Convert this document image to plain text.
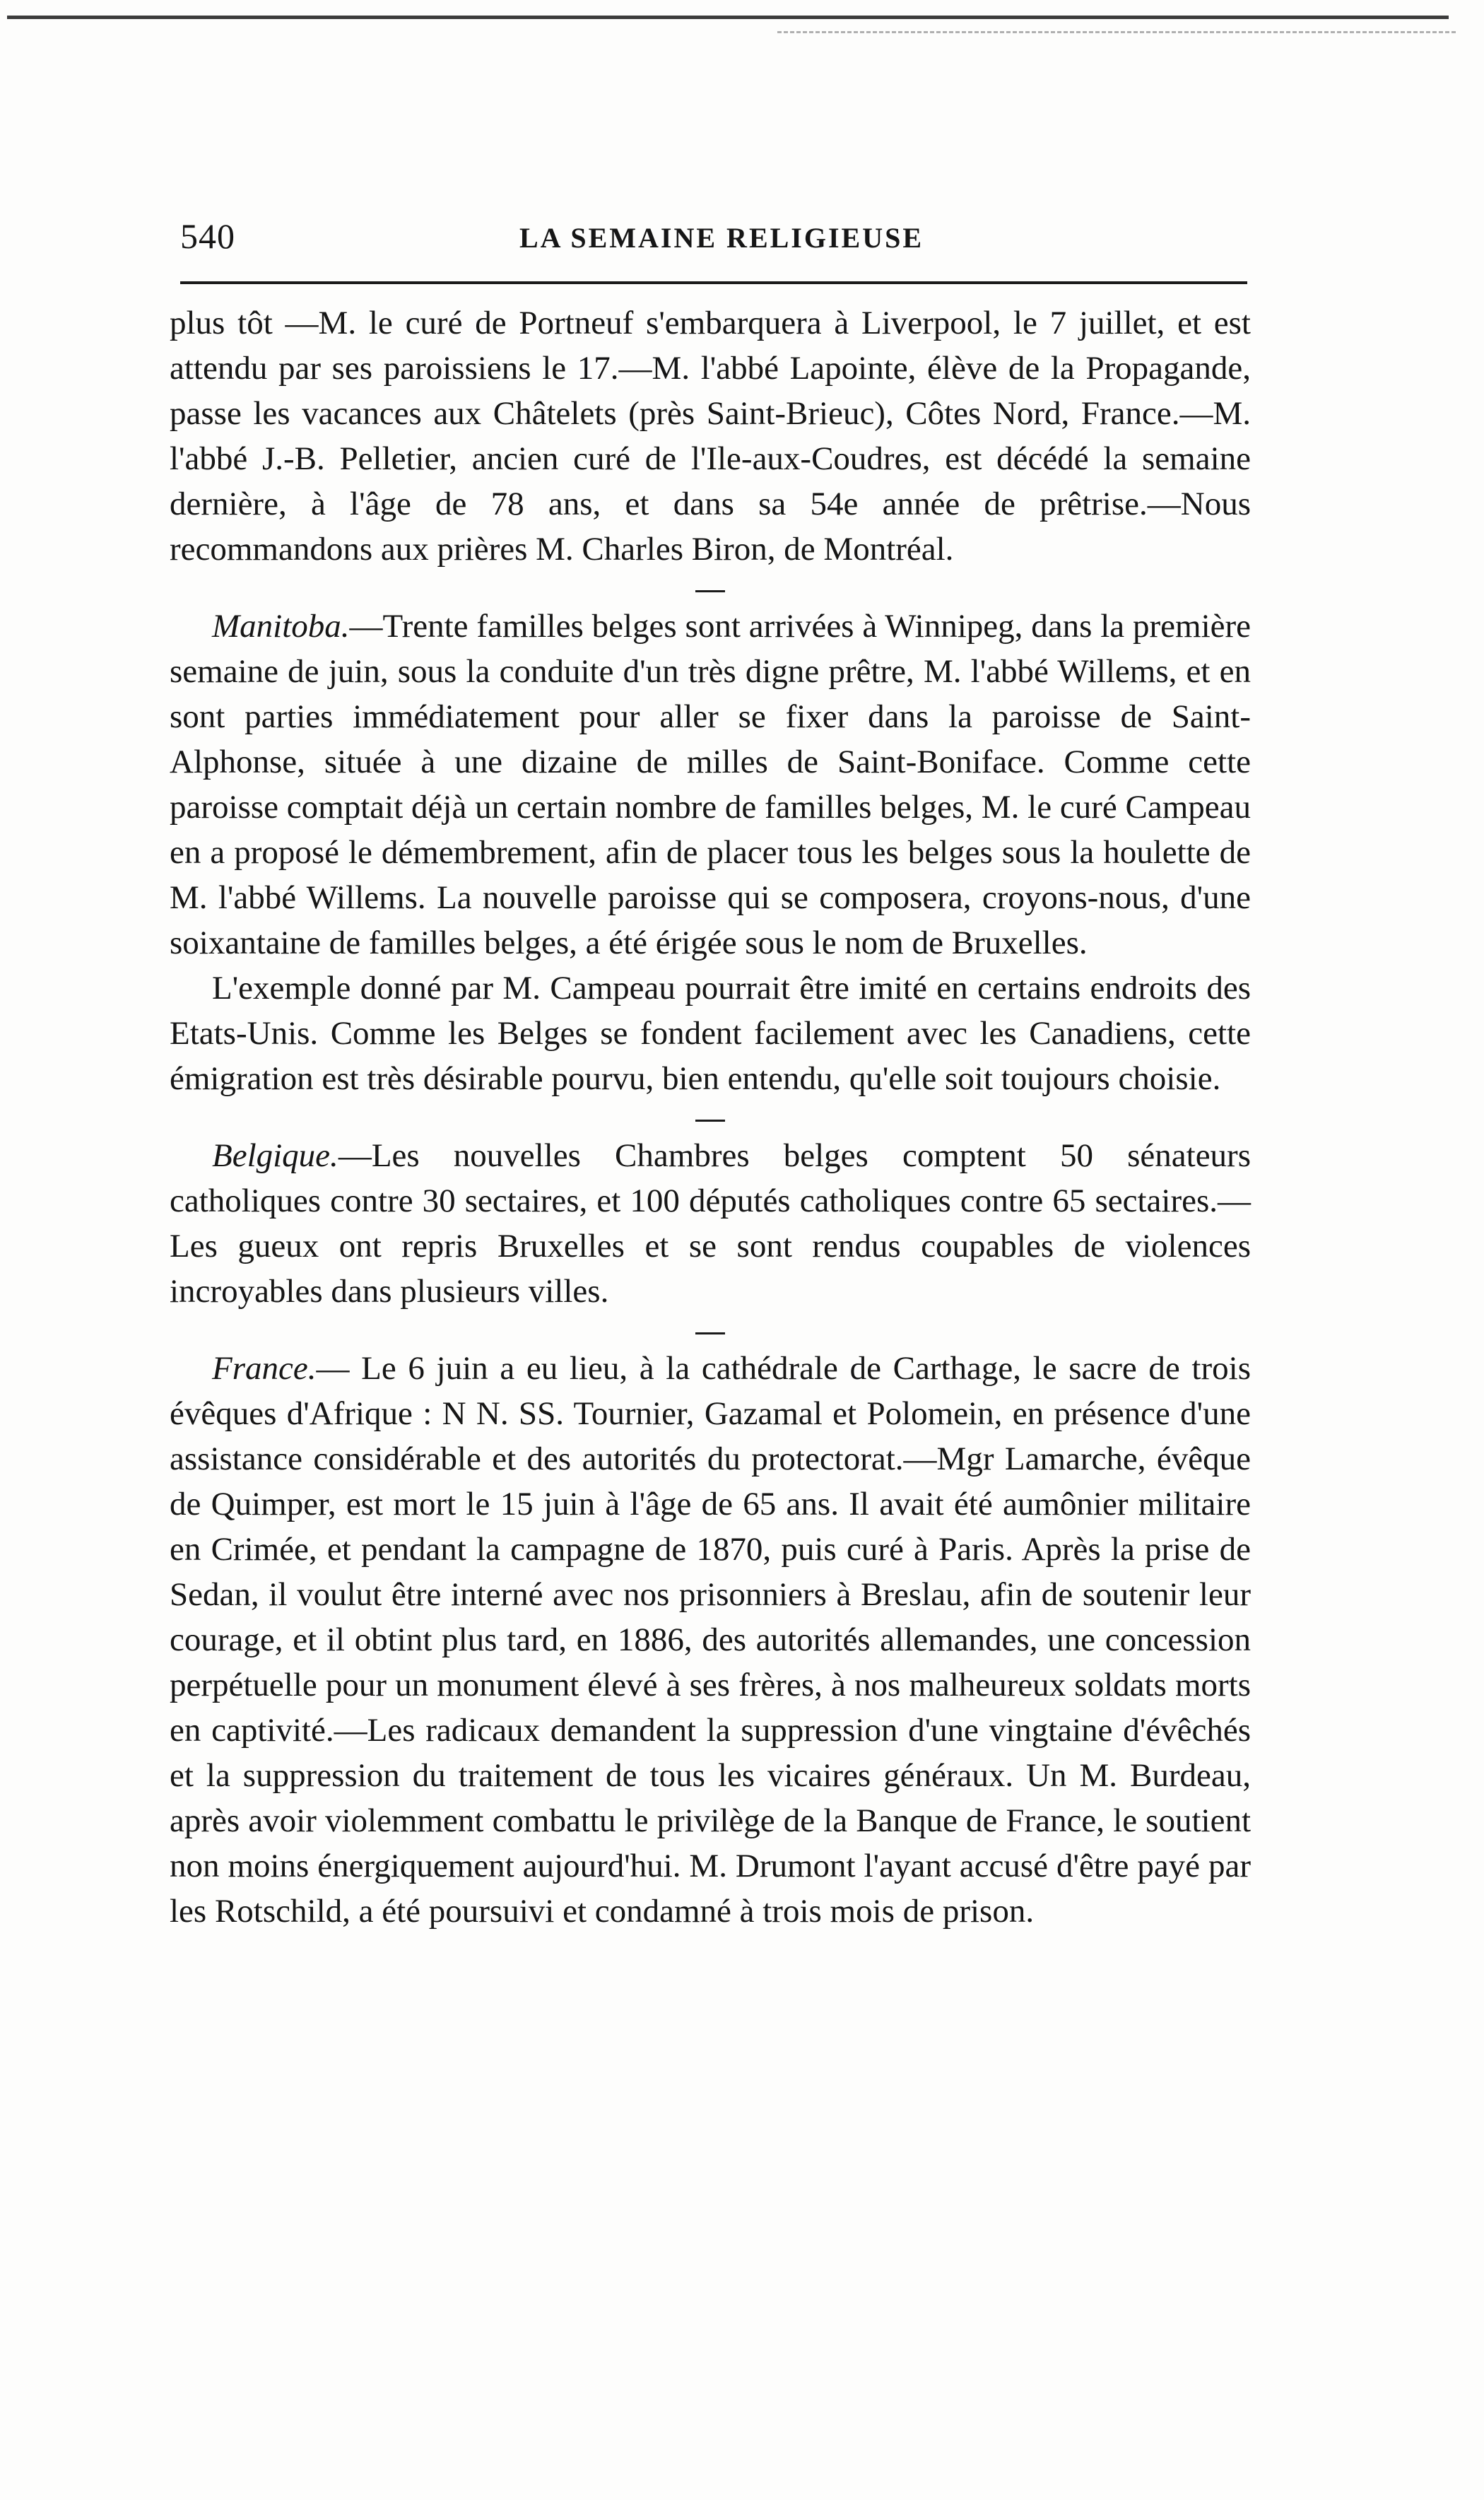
540	LA SEMAINE RELIGIEUSE

plus tôt —M. le curé de Portneuf s'embarquera à Liverpool, le 7 juillet, et est attendu par ses paroissiens le 17.—M. l'abbé Lapointe, élève de la Propagande, passe les vacances aux Châtelets (près Saint-Brieuc), Côtes Nord, France.—M. l'abbé J.-B. Pelletier, ancien curé de l'Ile-aux-Coudres, est décédé la semaine dernière, à l'âge de 78 ans, et dans sa 54e année de prêtrise.—Nous recommandons aux prières M. Charles Biron, de Montréal.

Manitoba.—Trente familles belges sont arrivées à Winnipeg, dans la première semaine de juin, sous la conduite d'un très digne prêtre, M. l'abbé Willems, et en sont parties immédiatement pour aller se fixer dans la paroisse de Saint-Alphonse, située à une dizaine de milles de Saint-Boniface. Comme cette paroisse comptait déjà un certain nombre de familles belges, M. le curé Campeau en a proposé le démembrement, afin de placer tous les belges sous la houlette de M. l'abbé Willems. La nouvelle paroisse qui se composera, croyons-nous, d'une soixantaine de familles belges, a été érigée sous le nom de Bruxelles.

L'exemple donné par M. Campeau pourrait être imité en certains endroits des Etats-Unis. Comme les Belges se fondent facilement avec les Canadiens, cette émigration est très désirable pourvu, bien entendu, qu'elle soit toujours choisie.

Belgique.—Les nouvelles Chambres belges comptent 50 sénateurs catholiques contre 30 sectaires, et 100 députés catholiques contre 65 sectaires.—Les gueux ont repris Bruxelles et se sont rendus coupables de violences incroyables dans plusieurs villes.

France.— Le 6 juin a eu lieu, à la cathédrale de Carthage, le sacre de trois évêques d'Afrique : N N. SS. Tournier, Gazamal et Polomein, en présence d'une assistance considérable et des autorités du protectorat.—Mgr Lamarche, évêque de Quimper, est mort le 15 juin à l'âge de 65 ans. Il avait été aumônier militaire en Crimée, et pendant la campagne de 1870, puis curé à Paris. Après la prise de Sedan, il voulut être interné avec nos prisonniers à Breslau, afin de soutenir leur courage, et il obtint plus tard, en 1886, des autorités allemandes, une concession perpétuelle pour un monument élevé à ses frères, à nos malheureux soldats morts en captivité.—Les radicaux demandent la suppression d'une vingtaine d'évêchés et la suppression du traitement de tous les vicaires généraux. Un M. Burdeau, après avoir violemment combattu le privilège de la Banque de France, le soutient non moins énergiquement aujourd'hui. M. Drumont l'ayant accusé d'être payé par les Rotschild, a été poursuivi et condamné à trois mois de prison.
